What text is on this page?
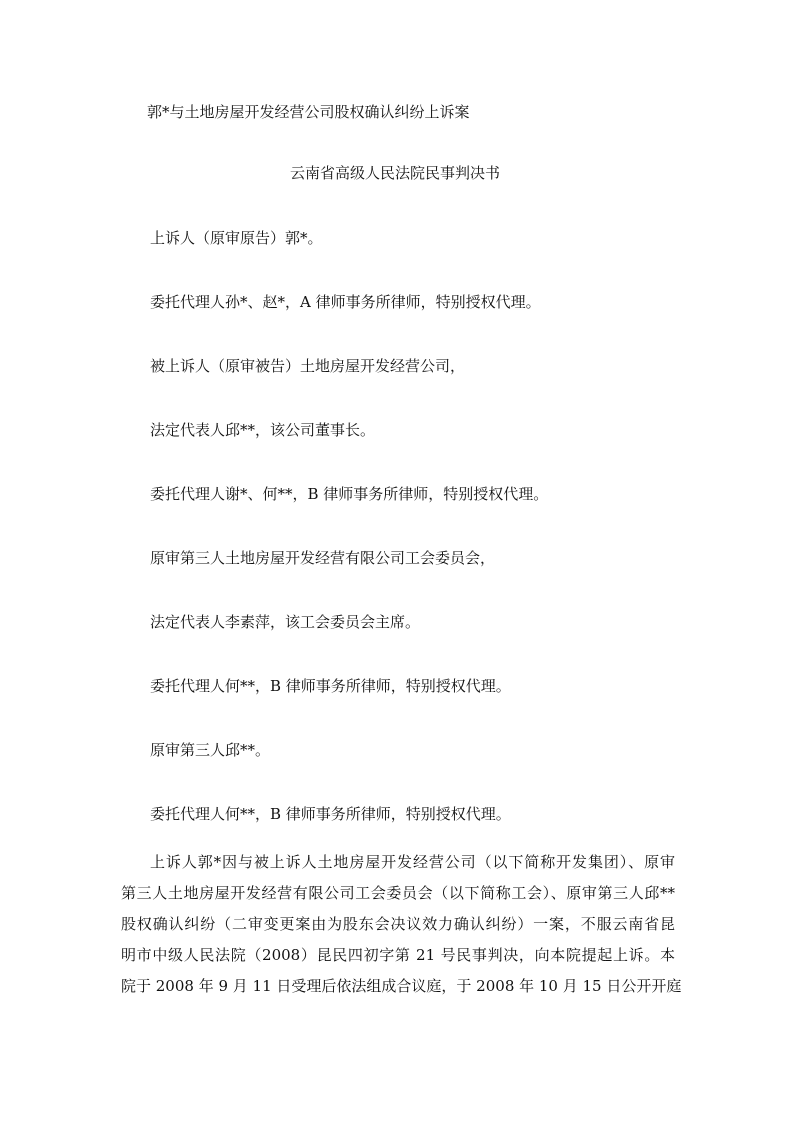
郭*与土地房屋开发经营公司股权确认纠纷上诉案
云南省高级人民法院民事判决书
上诉人（原审原告）郭*。
委托代理人孙*、赵*，A 律师事务所律师，特别授权代理。
被上诉人（原审被告）土地房屋开发经营公司，
法定代表人邱**，该公司董事长。
委托代理人谢*、何**，B 律师事务所律师，特别授权代理。
原审第三人土地房屋开发经营有限公司工会委员会，
法定代表人李素萍，该工会委员会主席。
委托代理人何**，B 律师事务所律师，特别授权代理。
原审第三人邱**。
委托代理人何**，B 律师事务所律师，特别授权代理。
上诉人郭*因与被上诉人土地房屋开发经营公司（以下简称开发集团）、原审
第三人土地房屋开发经营有限公司工会委员会（以下简称工会）、原审第三人邱**
股权确认纠纷（二审变更案由为股东会决议效力确认纠纷）一案，不服云南省昆
明市中级人民法院（2008）昆民四初字第 21 号民事判决，向本院提起上诉。本
院于 2008 年 9 月 11 日受理后依法组成合议庭，于 2008 年 10 月 15 日公开开庭
